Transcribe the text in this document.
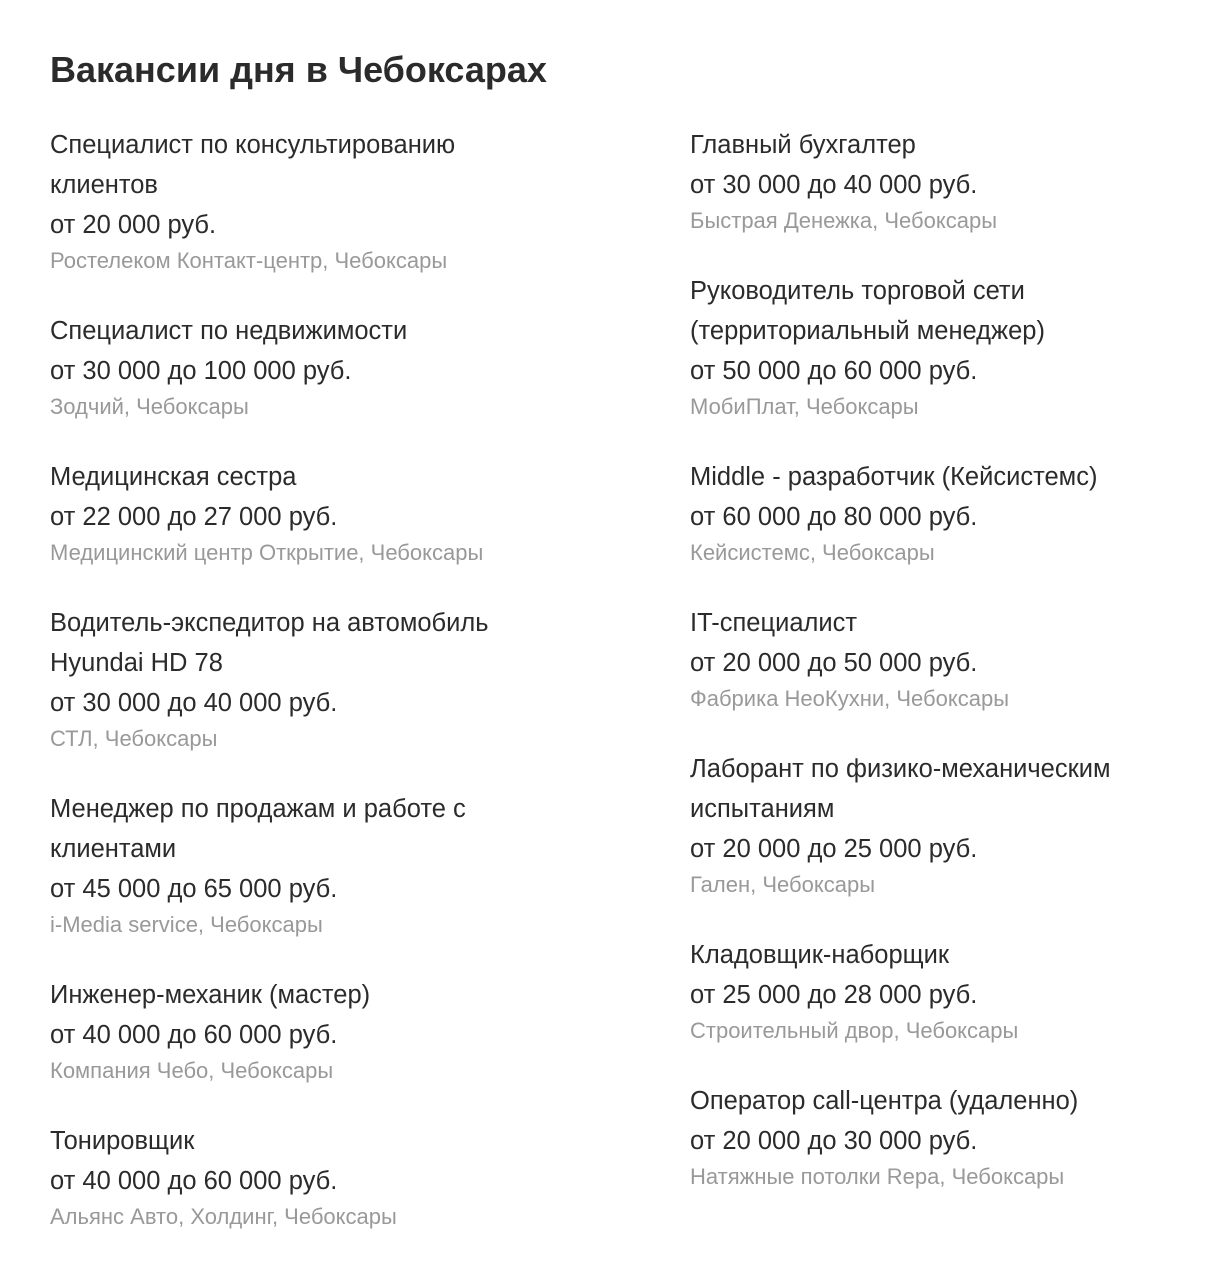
Вакансии дня в Чебоксарах
Специалист по консультированию клиентов
от 20 000 руб.
Ростелеком Контакт-центр, Чебоксары
Специалист по недвижимости
от 30 000 до 100 000 руб.
Зодчий, Чебоксары
Медицинская сестра
от 22 000 до 27 000 руб.
Медицинский центр Открытие, Чебоксары
Водитель-экспедитор на автомобиль Hyundai HD 78
от 30 000 до 40 000 руб.
СТЛ, Чебоксары
Менеджер по продажам и работе с клиентами
от 45 000 до 65 000 руб.
i-Media service, Чебоксары
Инженер-механик (мастер)
от 40 000 до 60 000 руб.
Компания Чебо, Чебоксары
Тонировщик
от 40 000 до 60 000 руб.
Альянс Авто, Холдинг, Чебоксары
Главный бухгалтер
от 30 000 до 40 000 руб.
Быстрая Денежка, Чебоксары
Руководитель торговой сети (территориальный менеджер)
от 50 000 до 60 000 руб.
МобиПлат, Чебоксары
Middle - разработчик (Кейсистемс)
от 60 000 до 80 000 руб.
Кейсистемс, Чебоксары
IT-специалист
от 20 000 до 50 000 руб.
Фабрика НеоКухни, Чебоксары
Лаборант по физико-механическим испытаниям
от 20 000 до 25 000 руб.
Гален, Чебоксары
Кладовщик-наборщик
от 25 000 до 28 000 руб.
Строительный двор, Чебоксары
Оператор call-центра (удаленно)
от 20 000 до 30 000 руб.
Натяжные потолки Repa, Чебоксары
